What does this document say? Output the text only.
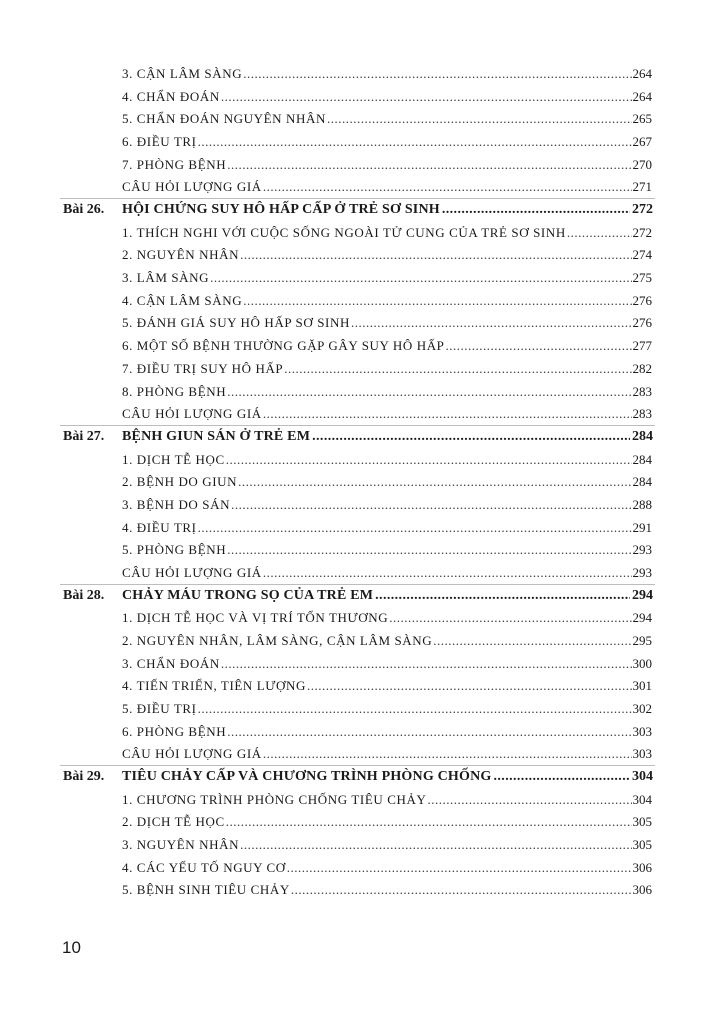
3. CẬN LÂM SÀNG .....	264
4. CHẨN ĐOÁN .....	264
5. CHẨN ĐOÁN NGUYÊN NHÂN .....	265
6. ĐIỀU TRỊ .....	267
7. PHÒNG BỆNH .....	270
CÂU HỎI LƯỢNG GIÁ .....	271
Bài 26.	HỘI CHỨNG SUY HÔ HẤP CẤP Ở TRẺ SƠ SINH .....	272
1. THÍCH NGHI VỚI CUỘC SỐNG NGOÀI TỬ CUNG CỦA TRẺ SƠ SINH .....	272
2. NGUYÊN NHÂN .....	274
3. LÂM SÀNG .....	275
4. CẬN LÂM SÀNG .....	276
5. ĐÁNH GIÁ SUY HÔ HẤP SƠ SINH .....	276
6. MỘT SỐ BỆNH THƯỜNG GẶP GÂY SUY HÔ HẤP .....	277
7. ĐIỀU TRỊ SUY HÔ HẤP .....	282
8. PHÒNG BỆNH .....	283
CÂU HỎI LƯỢNG GIÁ .....	283
Bài 27.	BỆNH GIUN SÁN Ở TRẺ EM .....	284
1. DỊCH TỄ HỌC .....	284
2. BỆNH DO GIUN .....	284
3. BỆNH DO SÁN .....	288
4. ĐIỀU TRỊ .....	291
5. PHÒNG BỆNH .....	293
CÂU HỎI LƯỢNG GIÁ .....	293
Bài 28.	CHẢY MÁU TRONG SỌ CỦA TRẺ EM .....	294
1. DỊCH TỄ HỌC VÀ VỊ TRÍ TỔN THƯƠNG .....	294
2. NGUYÊN NHÂN, LÂM SÀNG, CẬN LÂM SÀNG .....	295
3. CHẨN ĐOÁN .....	300
4. TIẾN TRIỂN, TIÊN LƯỢNG .....	301
5. ĐIỀU TRỊ .....	302
6. PHÒNG BỆNH .....	303
CÂU HỎI LƯỢNG GIÁ .....	303
Bài 29.	TIÊU CHẢY CẤP VÀ CHƯƠNG TRÌNH PHÒNG CHỐNG .....	304
1. CHƯƠNG TRÌNH PHÒNG CHỐNG TIÊU CHẢY .....	304
2. DỊCH TỄ HỌC .....	305
3. NGUYÊN NHÂN .....	305
4. CÁC YẾU TỐ NGUY CƠ .....	306
5. BỆNH SINH TIÊU CHẢY .....	306
10
